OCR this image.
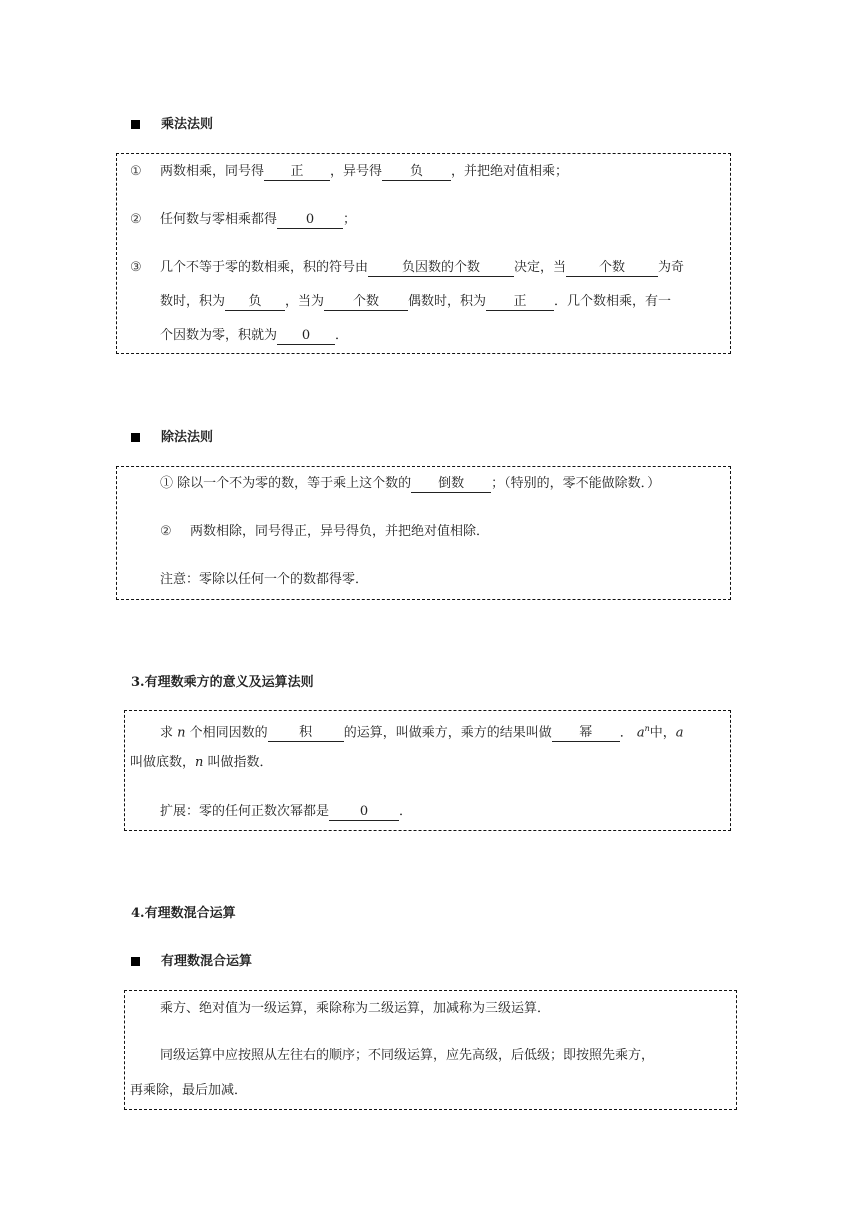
乘法法则
① 两数相乘，同号得 正 ，异号得 负 ，并把绝对值相乘；
② 任何数与零相乘都得 0 ；
③ 几个不等于零的数相乘，积的符号由	负因数的个数	决定，当	个数	为奇
数时，积为 负 ，当为 个数 偶数时，积为 正 ．几个数相乘，有一
个因数为零，积就为 0 ．
除法法则
① 除以一个不为零的数，等于乘上这个数的 倒数 ；（特别的，零不能做除数．）
② 两数相除，同号得正，异号得负，并把绝对值相除．
注意：零除以任何一个的数都得零．
3.有理数乘方的意义及运算法则
求 n 个相同因数的 积 的运算，叫做乘方，乘方的结果叫做 幂 ． $a^n$中，a
叫做底数，n 叫做指数．
扩展：零的任何正数次幂都是 0 ．
4.有理数混合运算
有理数混合运算
乘方、绝对值为一级运算，乘除称为二级运算，加减称为三级运算．
同级运算中应按照从左往右的顺序；不同级运算，应先高级，后低级；即按照先乘方，
再乘除，最后加减．
